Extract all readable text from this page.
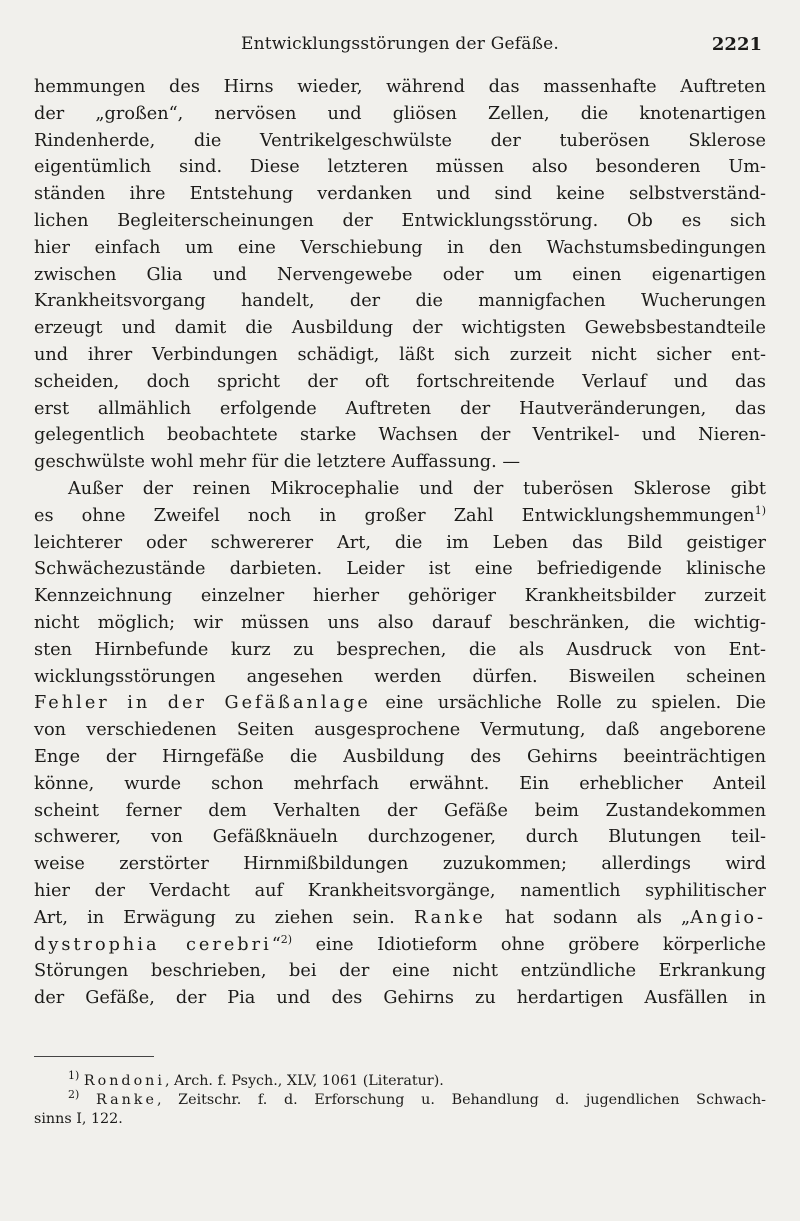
Entwicklungsstörungen der Gefäße.	2221
hemmungen des Hirns wieder, während das massenhafte Auftreten
der „großen“, nervösen und gliösen Zellen, die knotenartigen
Rindenherde, die Ventrikelgeschwülste der tuberösen Sklerose
eigentümlich sind. Diese letzteren müssen also besonderen Um-
ständen ihre Entstehung verdanken und sind keine selbstverständ-
lichen Begleiterscheinungen der Entwicklungsstörung. Ob es sich
hier einfach um eine Verschiebung in den Wachstumsbedingungen
zwischen Glia und Nervengewebe oder um einen eigenartigen
Krankheitsvorgang handelt, der die mannigfachen Wucherungen
erzeugt und damit die Ausbildung der wichtigsten Gewebsbestandteile
und ihrer Verbindungen schädigt, läßt sich zurzeit nicht sicher ent-
scheiden, doch spricht der oft fortschreitende Verlauf und das
erst allmählich erfolgende Auftreten der Hautveränderungen, das
gelegentlich beobachtete starke Wachsen der Ventrikel- und Nieren-
geschwülste wohl mehr für die letztere Auffassung. —
Außer der reinen Mikrocephalie und der tuberösen Sklerose gibt
es ohne Zweifel noch in großer Zahl Entwicklungshemmungen$^{1)}$
leichterer oder schwererer Art, die im Leben das Bild geistiger
Schwächezustände darbieten. Leider ist eine befriedigende klinische
Kennzeichnung einzelner hierher gehöriger Krankheitsbilder zurzeit
nicht möglich; wir müssen uns also darauf beschränken, die wichtig-
sten Hirnbefunde kurz zu besprechen, die als Ausdruck von Ent-
wicklungsstörungen angesehen werden dürfen. Bisweilen scheinen
Fehler in der Gefäßanlage eine ursächliche Rolle zu spielen. Die
von verschiedenen Seiten ausgesprochene Vermutung, daß angeborene
Enge der Hirngefäße die Ausbildung des Gehirns beeinträchtigen
könne, wurde schon mehrfach erwähnt. Ein erheblicher Anteil
scheint ferner dem Verhalten der Gefäße beim Zustandekommen
schwerer, von Gefäßknäueln durchzogener, durch Blutungen teil-
weise zerstörter Hirnmißbildungen zuzukommen; allerdings wird
hier der Verdacht auf Krankheitsvorgänge, namentlich syphilitischer
Art, in Erwägung zu ziehen sein. Ranke hat sodann als „Angio-
dystrophia cerebri“$^{2)}$ eine Idiotieform ohne gröbere körperliche
Störungen beschrieben, bei der eine nicht entzündliche Erkrankung
der Gefäße, der Pia und des Gehirns zu herdartigen Ausfällen in
$^{1)}$ Rondoni, Arch. f. Psych., XLV, 1061 (Literatur).
$^{2)}$ Ranke, Zeitschr. f. d. Erforschung u. Behandlung d. jugendlichen Schwach-
sinns I, 122.
